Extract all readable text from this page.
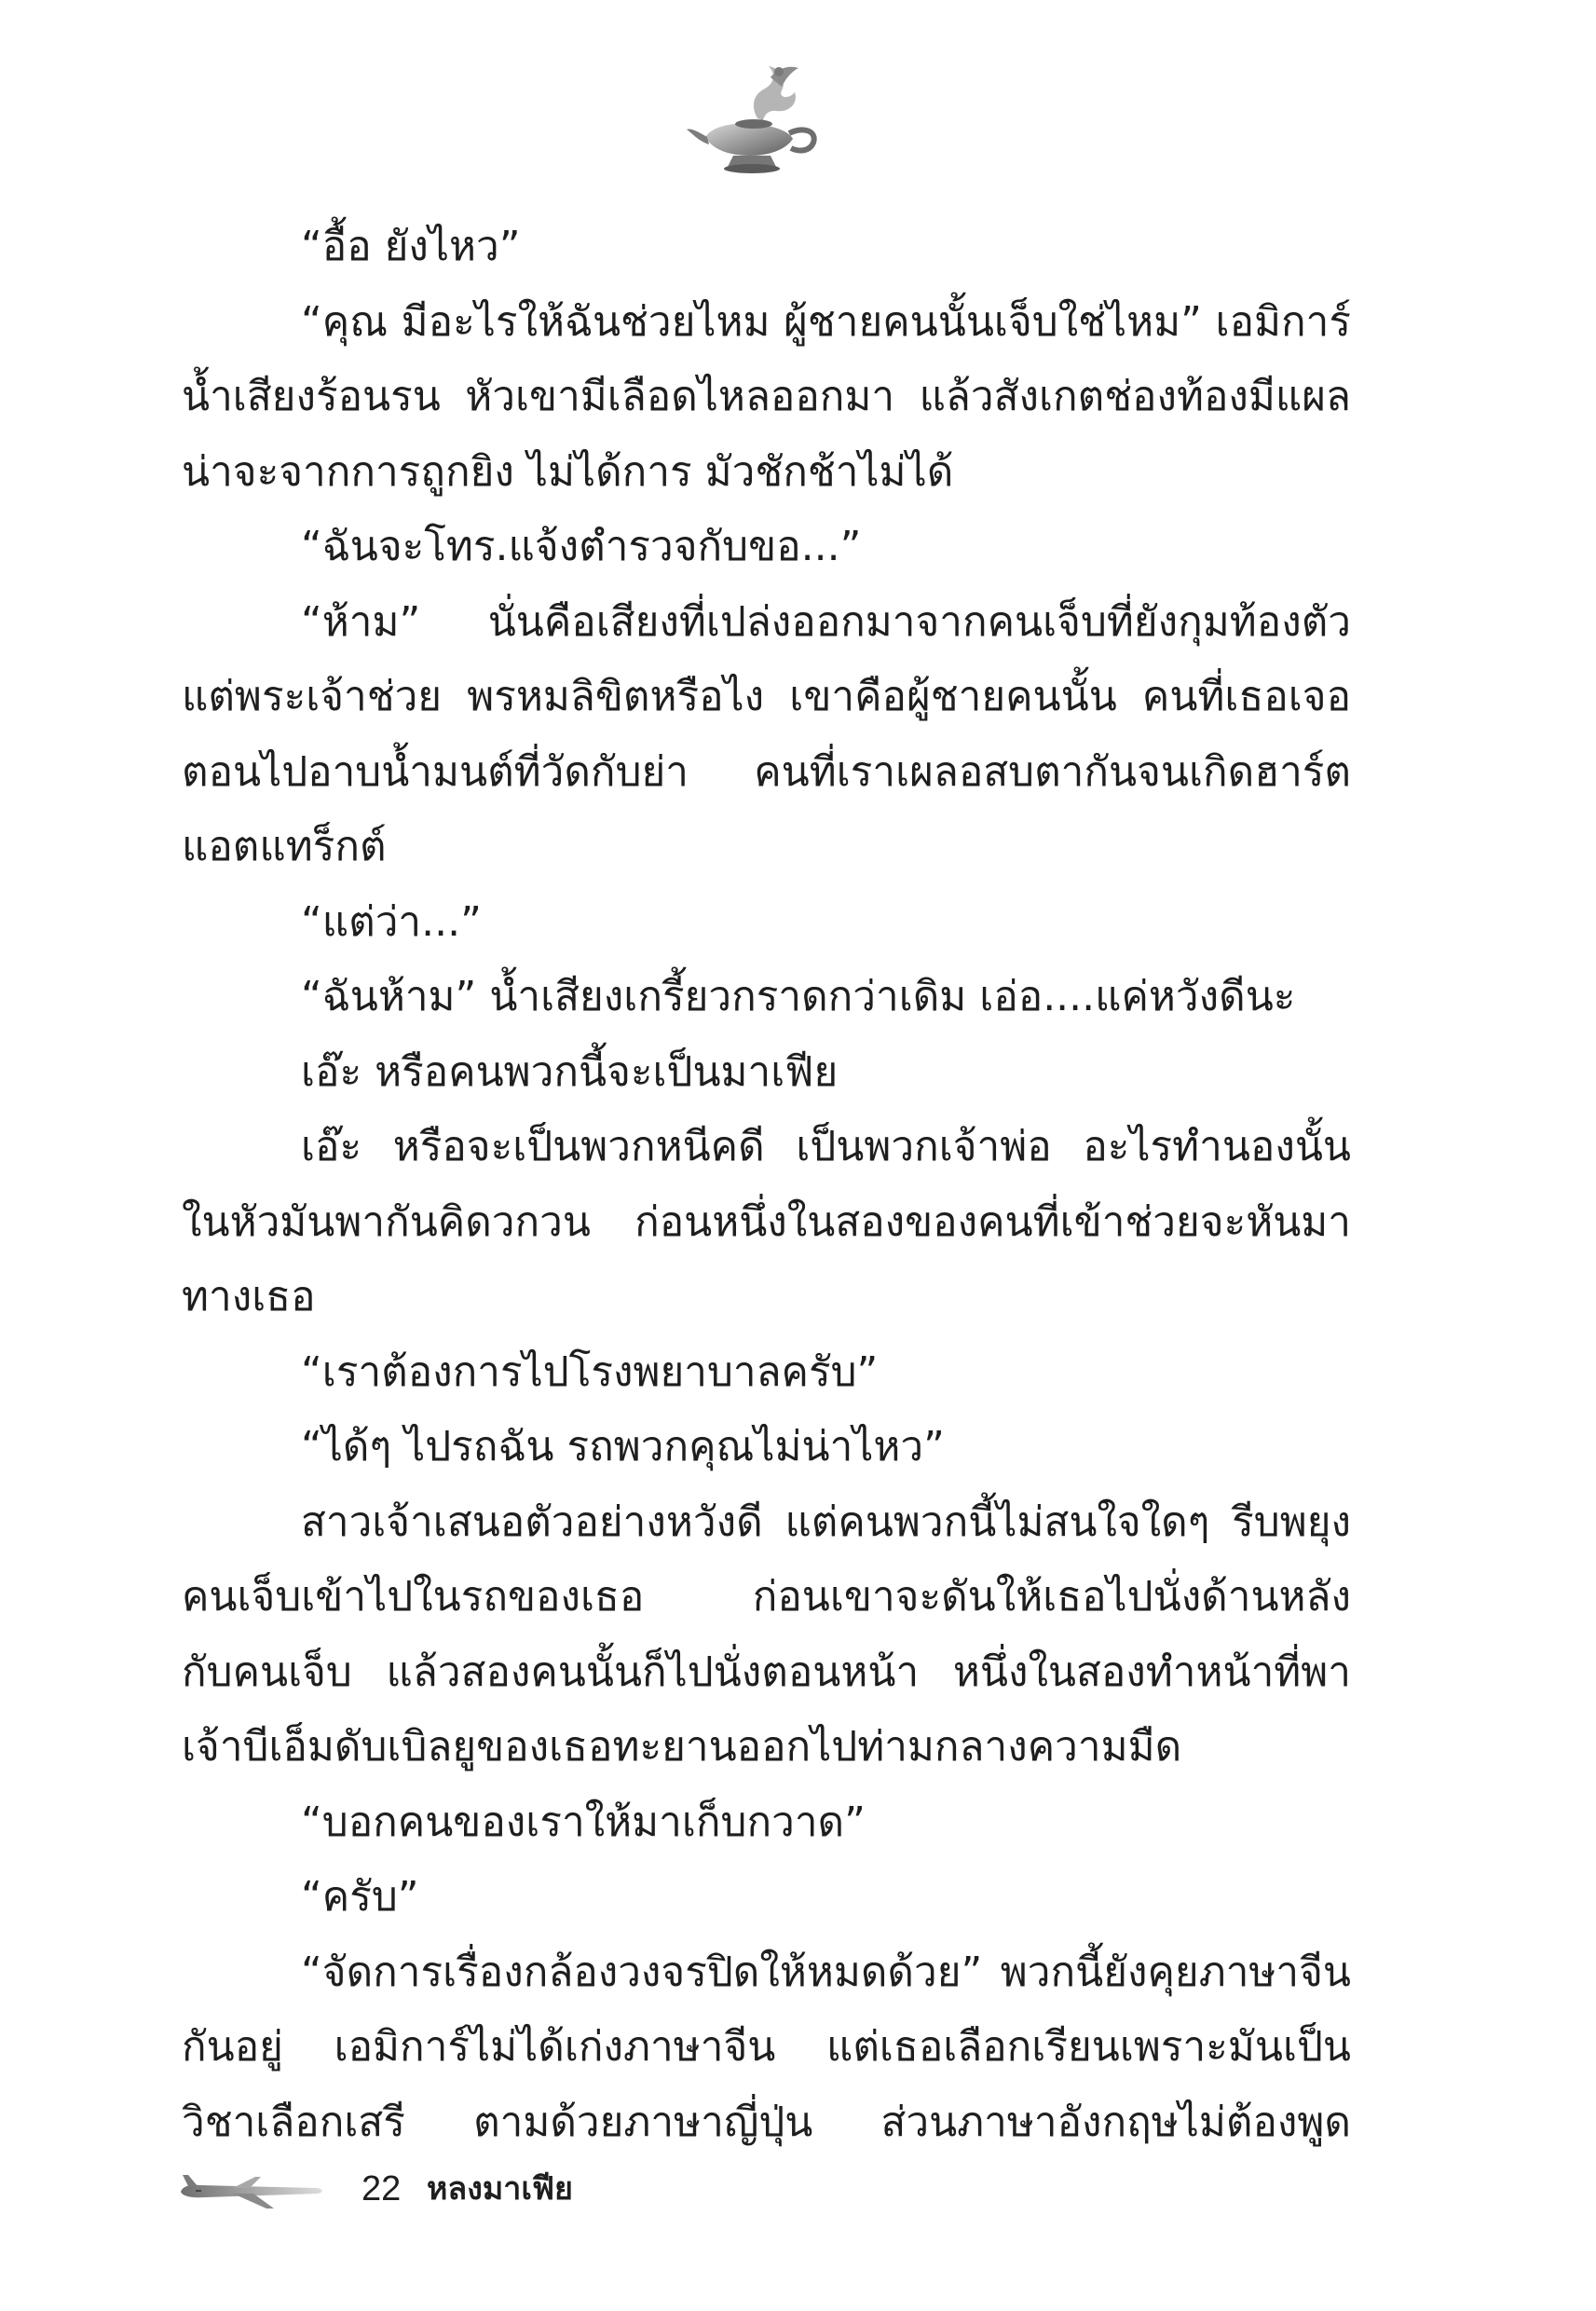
“อื้อ ยังไหว”
“คุณ มีอะไรให้ฉันช่วยไหม ผู้ชายคนนั้นเจ็บใช่ไหม” เอมิการ์
น้ำเสียงร้อนรน หัวเขามีเลือดไหลออกมา แล้วสังเกตช่องท้องมีแผล
น่าจะจากการถูกยิง ไม่ได้การ มัวชักช้าไม่ได้
“ฉันจะโทร.แจ้งตำรวจกับขอ...”
“ห้าม” นั่นคือเสียงที่เปล่งออกมาจากคนเจ็บที่ยังกุมท้องตัว
แต่พระเจ้าช่วย พรหมลิขิตหรือไง เขาคือผู้ชายคนนั้น คนที่เธอเจอ
ตอนไปอาบน้ำมนต์ที่วัดกับย่า คนที่เราเผลอสบตากันจนเกิดฮาร์ต
แอตแทร็กต์
“แต่ว่า...”
“ฉันห้าม” น้ำเสียงเกรี้ยวกราดกว่าเดิม เอ่อ....แค่หวังดีนะ
เอ๊ะ หรือคนพวกนี้จะเป็นมาเฟีย
เอ๊ะ หรือจะเป็นพวกหนีคดี เป็นพวกเจ้าพ่อ อะไรทำนองนั้น
ในหัวมันพากันคิดวกวน ก่อนหนึ่งในสองของคนที่เข้าช่วยจะหันมา
ทางเธอ
“เราต้องการไปโรงพยาบาลครับ”
“ได้ๆ ไปรถฉัน รถพวกคุณไม่น่าไหว”
สาวเจ้าเสนอตัวอย่างหวังดี แต่คนพวกนี้ไม่สนใจใดๆ รีบพยุง
คนเจ็บเข้าไปในรถของเธอ ก่อนเขาจะดันให้เธอไปนั่งด้านหลัง
กับคนเจ็บ แล้วสองคนนั้นก็ไปนั่งตอนหน้า หนึ่งในสองทำหน้าที่พา
เจ้าบีเอ็มดับเบิลยูของเธอทะยานออกไปท่ามกลางความมืด
“บอกคนของเราให้มาเก็บกวาด”
“ครับ”
“จัดการเรื่องกล้องวงจรปิดให้หมดด้วย” พวกนี้ยังคุยภาษาจีน
กันอยู่ เอมิการ์ไม่ได้เก่งภาษาจีน แต่เธอเลือกเรียนเพราะมันเป็น
วิชาเลือกเสรี ตามด้วยภาษาญี่ปุ่น ส่วนภาษาอังกฤษไม่ต้องพูด
22 หลงมาเฟีย
